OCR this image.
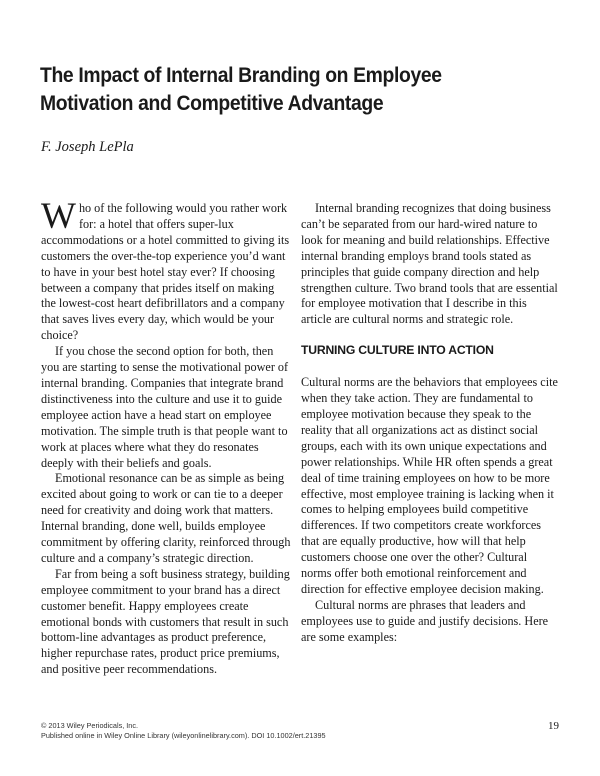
The Impact of Internal Branding on Employee Motivation and Competitive Advantage

F. Joseph LePla

Who of the following would you rather work for: a hotel that offers super-lux accommodations or a hotel committed to giving its customers the over-the-top experience you’d want to have in your best hotel stay ever? If choosing between a company that prides itself on making the lowest-cost heart defibrillators and a company that saves lives every day, which would be your choice?

If you chose the second option for both, then you are starting to sense the motivational power of internal branding. Companies that integrate brand distinctiveness into the culture and use it to guide employee action have a head start on employee motivation. The simple truth is that people want to work at places where what they do resonates deeply with their beliefs and goals.

Emotional resonance can be as simple as being excited about going to work or can tie to a deeper need for creativity and doing work that matters. Internal branding, done well, builds employee commitment by offering clarity, reinforced through culture and a company’s strategic direction.

Far from being a soft business strategy, building employee commitment to your brand has a direct customer benefit. Happy employees create emotional bonds with customers that result in such bottom-line advantages as product preference, higher repurchase rates, product price premiums, and positive peer recommendations.

Internal branding recognizes that doing business can’t be separated from our hard-wired nature to look for meaning and build relationships. Effective internal branding employs brand tools stated as principles that guide company direction and help strengthen culture. Two brand tools that are essential for employee motivation that I describe in this article are cultural norms and strategic role.

TURNING CULTURE INTO ACTION

Cultural norms are the behaviors that employees cite when they take action. They are fundamental to employee motivation because they speak to the reality that all organizations act as distinct social groups, each with its own unique expectations and power relationships. While HR often spends a great deal of time training employees on how to be more effective, most employee training is lacking when it comes to helping employees build competitive differences. If two competitors create workforces that are equally productive, how will that help customers choose one over the other? Cultural norms offer both emotional reinforcement and direction for effective employee decision making.

Cultural norms are phrases that leaders and employees use to guide and justify decisions. Here are some examples:

© 2013 Wiley Periodicals, Inc.
Published online in Wiley Online Library (wileyonlinelibrary.com). DOI 10.1002/ert.21395
19
